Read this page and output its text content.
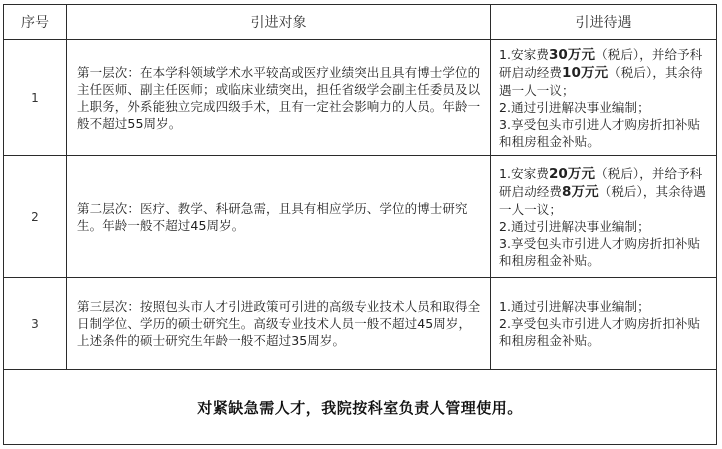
序号	引进对象	引进待遇
1	第一层次：在本学科领域学术水平较高或医疗业绩突出且具有博士学位的主任医师、副主任医师；或临床业绩突出，担任省级学会副主任委员及以上职务，外系能独立完成四级手术，且有一定社会影响力的人员。年龄一般不超过55周岁。	1.安家费30万元（税后），并给予科研启动经费10万元（税后），其余待遇一人一议；
2.通过引进解决事业编制；
3.享受包头市引进人才购房折扣补贴和租房租金补贴。

2	第二层次：医疗、教学、科研急需，且具有相应学历、学位的博士研究生。年龄一般不超过45周岁。	1.安家费20万元（税后），并给予科研启动经费8万元（税后），其余待遇一人一议；
2.通过引进解决事业编制；
3.享受包头市引进人才购房折扣补贴和租房租金补贴。

3	第三层次：按照包头市人才引进政策可引进的高级专业技术人员和取得全日制学位、学历的硕士研究生。高级专业技术人员一般不超过45周岁，上述条件的硕士研究生年龄一般不超过35周岁。	1.通过引进解决事业编制；
2.享受包头市引进人才购房折扣补贴和租房租金补贴。

对紧缺急需人才，我院按科室负责人管理使用。		
